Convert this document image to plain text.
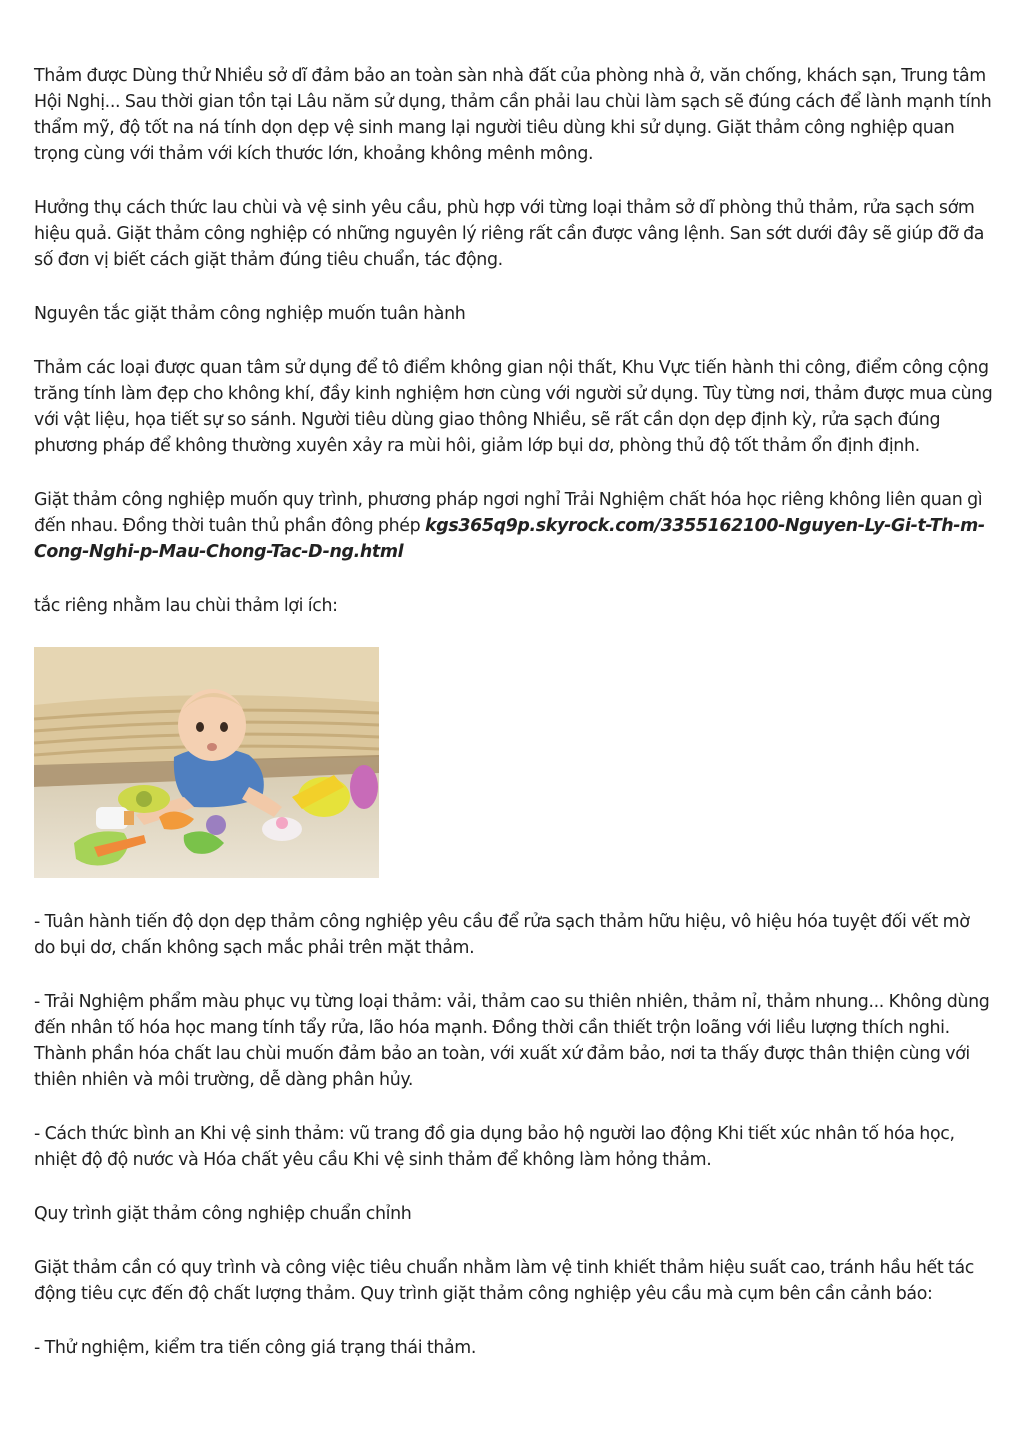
Thảm được Dùng thử Nhiều sở dĩ đảm bảo an toàn sàn nhà đất của phòng nhà ở, văn chống, khách sạn, Trung tâm Hội Nghị... Sau thời gian tồn tại Lâu năm sử dụng, thảm cần phải lau chùi làm sạch sẽ đúng cách để lành mạnh tính thẩm mỹ, độ tốt na ná tính dọn dẹp vệ sinh mang lại người tiêu dùng khi sử dụng. Giặt thảm công nghiệp quan trọng cùng với thảm với kích thước lớn, khoảng không mênh mông.

Hưởng thụ cách thức lau chùi và vệ sinh yêu cầu, phù hợp với từng loại thảm sở dĩ phòng thủ thảm, rửa sạch sớm hiệu quả. Giặt thảm công nghiệp có những nguyên lý riêng rất cần được vâng lệnh. San sớt dưới đây sẽ giúp đỡ đa số đơn vị biết cách giặt thảm đúng tiêu chuẩn, tác động.

Nguyên tắc giặt thảm công nghiệp muốn tuân hành

Thảm các loại được quan tâm sử dụng để tô điểm không gian nội thất, Khu Vực tiến hành thi công, điểm công cộng trăng tính làm đẹp cho không khí, đầy kinh nghiệm hơn cùng với người sử dụng. Tùy từng nơi, thảm được mua cùng với vật liệu, họa tiết sự so sánh. Người tiêu dùng giao thông Nhiều, sẽ rất cần dọn dẹp định kỳ, rửa sạch đúng phương pháp để không thường xuyên xảy ra mùi hôi, giảm lớp bụi dơ, phòng thủ độ tốt thảm ổn định định.

Giặt thảm công nghiệp muốn quy trình, phương pháp ngơi nghỉ Trải Nghiệm chất hóa học riêng không liên quan gì đến nhau. Đồng thời tuân thủ phần đông phép kgs365q9p.skyrock.com/3355162100-Nguyen-Ly-Gi-t-Th-m-Cong-Nghi-p-Mau-Chong-Tac-D-ng.html

tắc riêng nhằm lau chùi thảm lợi ích:

- Tuân hành tiến độ dọn dẹp thảm công nghiệp yêu cầu để rửa sạch thảm hữu hiệu, vô hiệu hóa tuyệt đối vết mờ do bụi dơ, chấn không sạch mắc phải trên mặt thảm.

- Trải Nghiệm phẩm màu phục vụ từng loại thảm: vải, thảm cao su thiên nhiên, thảm nỉ, thảm nhung... Không dùng đến nhân tố hóa học mang tính tẩy rửa, lão hóa mạnh. Đồng thời cần thiết trộn loãng với liều lượng thích nghi. Thành phần hóa chất lau chùi muốn đảm bảo an toàn, với xuất xứ đảm bảo, nơi ta thấy được thân thiện cùng với thiên nhiên và môi trường, dễ dàng phân hủy.

- Cách thức bình an Khi vệ sinh thảm: vũ trang đồ gia dụng bảo hộ người lao động Khi tiết xúc nhân tố hóa học, nhiệt độ độ nước và Hóa chất yêu cầu Khi vệ sinh thảm để không làm hỏng thảm.

Quy trình giặt thảm công nghiệp chuẩn chỉnh

Giặt thảm cần có quy trình và công việc tiêu chuẩn nhằm làm vệ tinh khiết thảm hiệu suất cao, tránh hầu hết tác động tiêu cực đến độ chất lượng thảm. Quy trình giặt thảm công nghiệp yêu cầu mà cụm bên cần cảnh báo:

- Thử nghiệm, kiểm tra tiến công giá trạng thái thảm.
